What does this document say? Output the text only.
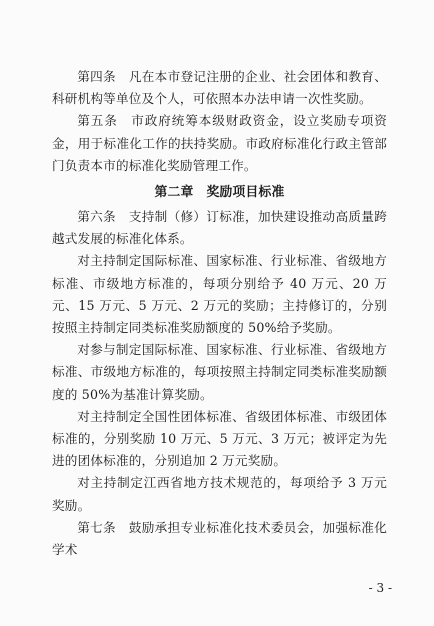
第四条　凡在本市登记注册的企业、社会团体和教育、科研机构等单位及个人，可依照本办法申请一次性奖励。

第五条　市政府统筹本级财政资金，设立奖励专项资金，用于标准化工作的扶持奖励。市政府标准化行政主管部门负责本市的标准化奖励管理工作。

第二章　奖励项目标准

第六条　支持制（修）订标准，加快建设推动高质量跨越式发展的标准化体系。

对主持制定国际标准、国家标准、行业标准、省级地方标准、市级地方标准的，每项分别给予 40 万元、20 万元、15 万元、5 万元、2 万元的奖励；主持修订的，分别按照主持制定同类标准奖励额度的 50%给予奖励。

对参与制定国际标准、国家标准、行业标准、省级地方标准、市级地方标准的，每项按照主持制定同类标准奖励额度的 50%为基准计算奖励。

对主持制定全国性团体标准、省级团体标准、市级团体标准的，分别奖励 10 万元、5 万元、3 万元；被评定为先进的团体标准的，分别追加 2 万元奖励。

对主持制定江西省地方技术规范的，每项给予 3 万元奖励。

第七条　鼓励承担专业标准化技术委员会，加强标准化学术

- 3 -
